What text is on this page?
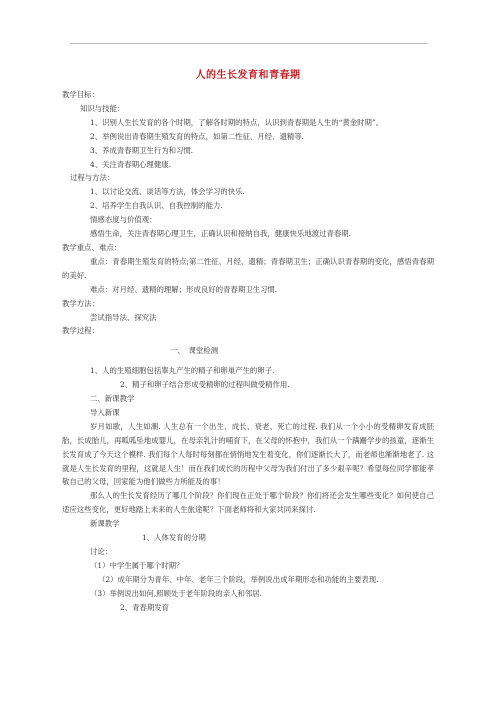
人的生长发育和青春期
教学目标：
知识与技能：
1、识别人生长发育的各个时期，了解各时期的特点，认识到青春期是人生的“黄金时期”。
2、举例说出青春期生殖发育的特点，如第二性征、月经、遗精等.
3、养成青春期卫生行为和习惯.
4、关注青春期心理健康.
过程与方法：
1、以讨论交流、谈话等方法，体会学习的快乐.
2、培养学生自我认识、自我控制的能力.
情感态度与价值观：
感悟生命，关注青春期心理卫生，正确认识和接纳自我，健康快乐地渡过青春期.
教学重点、难点：
重点：青春期生殖发育的特点;第二性征、月经、遗精；青春期卫生；正确认识青春期的变化，感悟青春期的美好.
难点：对月经、遗精的理解；形成良好的青春期卫生习惯.
教学方法：
尝试指导法、探究法
教学过程：
一、　课堂检测
1、人的生殖细胞包括睾丸产生的精子和卵巢产生的卵子.
2、精子和卵子结合形成受精卵的过程叫做受精作用.
二、新课教学
导入新课
岁月如歌，人生如潮. 人生总有一个出生、成长、衰老、死亡的过程. 我们从一个小小的受精卵发育成胚胎，长成胎儿，再呱呱坠地成婴儿，在母亲乳汁的哺育下，在父母的怀抱中，我们从一个蹒跚学步的孩童，逐渐生长发育成了今天这个模样. 我们每个人每时每刻都在悄悄地发生着变化，你们逐渐长大了，而老师也渐渐地老了. 这就是人生长发育的里程，这就是人生！而在我们成长的历程中父母为我们付出了多少艰辛呢？希望每位同学都能孝敬自己的父母，回家能为他们做些力所能及的事！
那么人的生长发育经历了哪几个阶段？你们现在正处于哪个阶段？你们将还会发生哪些变化？如何使自己适应这些变化，更好地踏上未来的人生旅途呢？下面老师将和大家共同来探讨.
新课教学
1、人体发育的分期
讨论：
（1）中学生属于哪个时期？
（2）成年期分为青年、中年、老年三个阶段，举例说出成年期形态和功能的主要表现.
（3）举例说出如何,照顾处于老年阶段的亲人和邻居.
2、青春期发育
